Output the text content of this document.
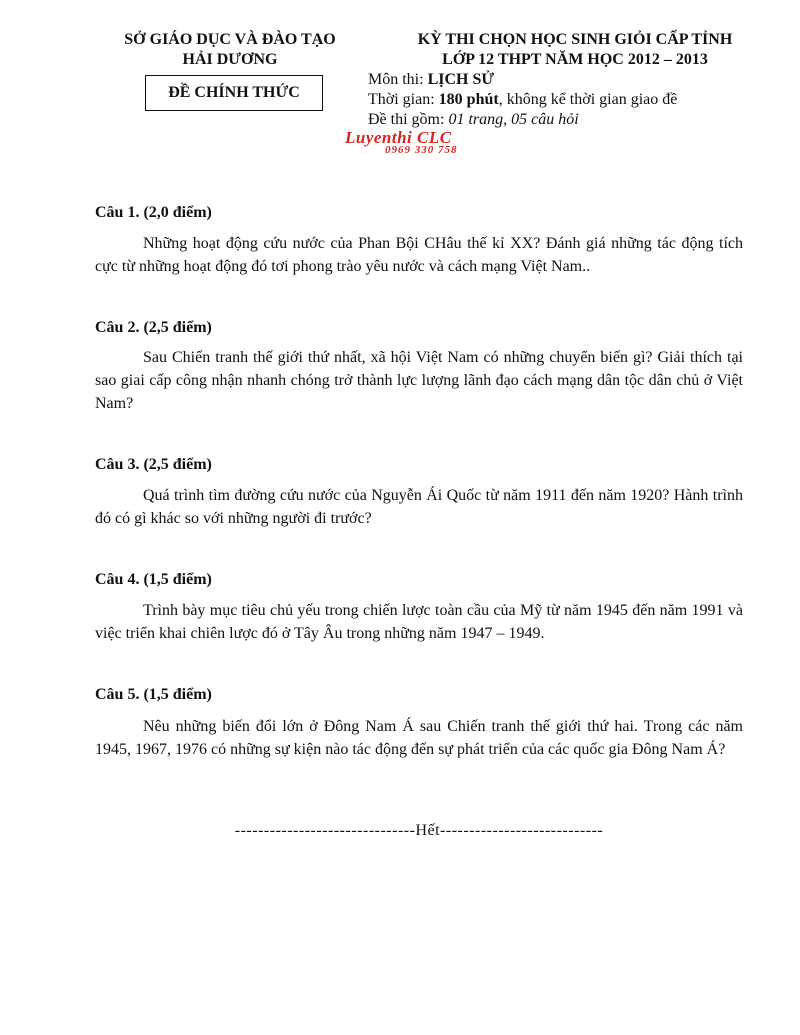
SỞ GIÁO DỤC VÀ ĐÀO TẠO
HẢI DƯƠNG
ĐỀ CHÍNH THỨC
KỲ THI CHỌN HỌC SINH GIỎI CẤP TỈNH
LỚP 12 THPT NĂM HỌC 2012 – 2013
Môn thi: LỊCH SỬ
Thời gian: 180 phút, không kể thời gian giao đề
Đề thi gồm: 01 trang, 05 câu hỏi
Luyenthi CLC
0969 330 758
Câu 1. (2,0 điểm)
Những hoạt động cứu nước của Phan Bội CHâu thế kỉ XX? Đánh giá những tác động tích cực từ những hoạt động đó tơi phong trào yêu nước và cách mạng Việt Nam..
Câu 2. (2,5 điểm)
Sau Chiến tranh thế giới thứ nhất, xã hội Việt Nam có những chuyển biến gì? Giải thích tại sao giai cấp công nhận nhanh chóng trở thành lực lượng lãnh đạo cách mạng dân tộc dân chủ ở Việt Nam?
Câu 3. (2,5 điểm)
Quá trình tìm đường cứu nước của Nguyễn Ái Quốc từ năm 1911 đến năm 1920? Hành trình đó có gì khác so với những người đi trước?
Câu 4. (1,5 điểm)
Trình bày mục tiêu chủ yếu trong chiến lược toàn cầu của Mỹ từ năm 1945 đến năm 1991 và việc triển khai chiên lược đó ở Tây Âu trong những năm 1947 – 1949.
Câu 5. (1,5 điểm)
Nêu những biến đổi lớn ở Đông Nam Á sau Chiến tranh thế giới thứ hai. Trong các năm 1945, 1967, 1976 có những sự kiện nào tác động đến sự phát triển của các quốc gia Đông Nam Á?
-------------------------------Hết----------------------------
